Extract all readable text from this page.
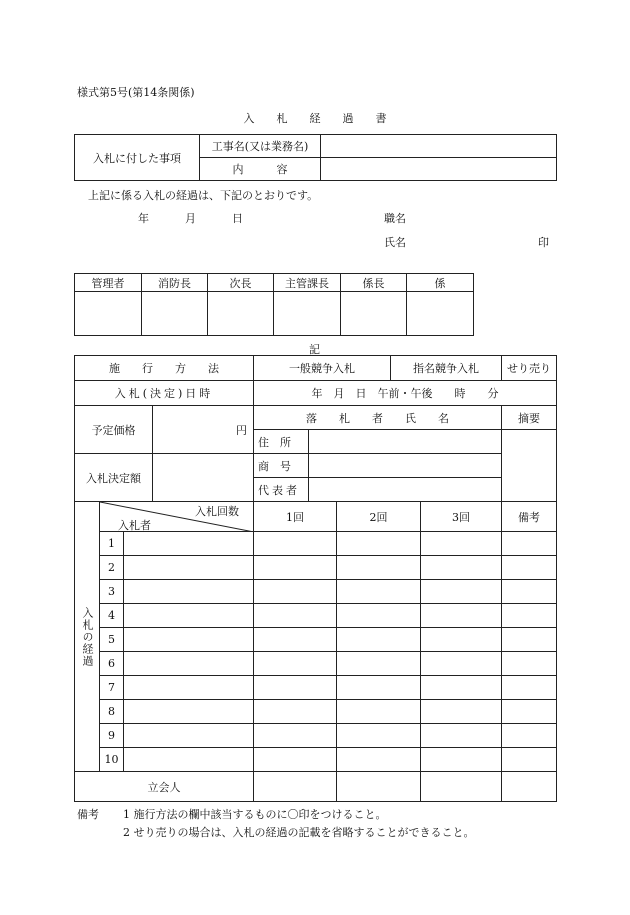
様式第5号(第14条関係)
入　　札　　経　　過　　書
入札に付した事項	工事名(又は業務名)	
	内　　　容	
上記に係る入札の経過は、下記のとおりです。
年	月	日	職名
氏名	印
管理者	消防長	次長	主管課長	係長	係

記
施　　行　　方　　法				一般競争入札			指名競争入札		せり売り
入札(決定)日時				年　月　日　午前・午後　　時　　分					
予定価格			円	落　　札　　者　　氏　　名					摘要
				住　所					
入札決定額				商　号					
				代表者					
入札の経過	入札回数
入札者			1回		2回		3回	備考
	1								
	2								
	3								
	4								
	5								
	6								
	7								
	8								
	9								
	10								
立会人									
備考 1 施行方法の欄中該当するものに〇印をつけること。
2 せり売りの場合は、入札の経過の記載を省略することができること。
